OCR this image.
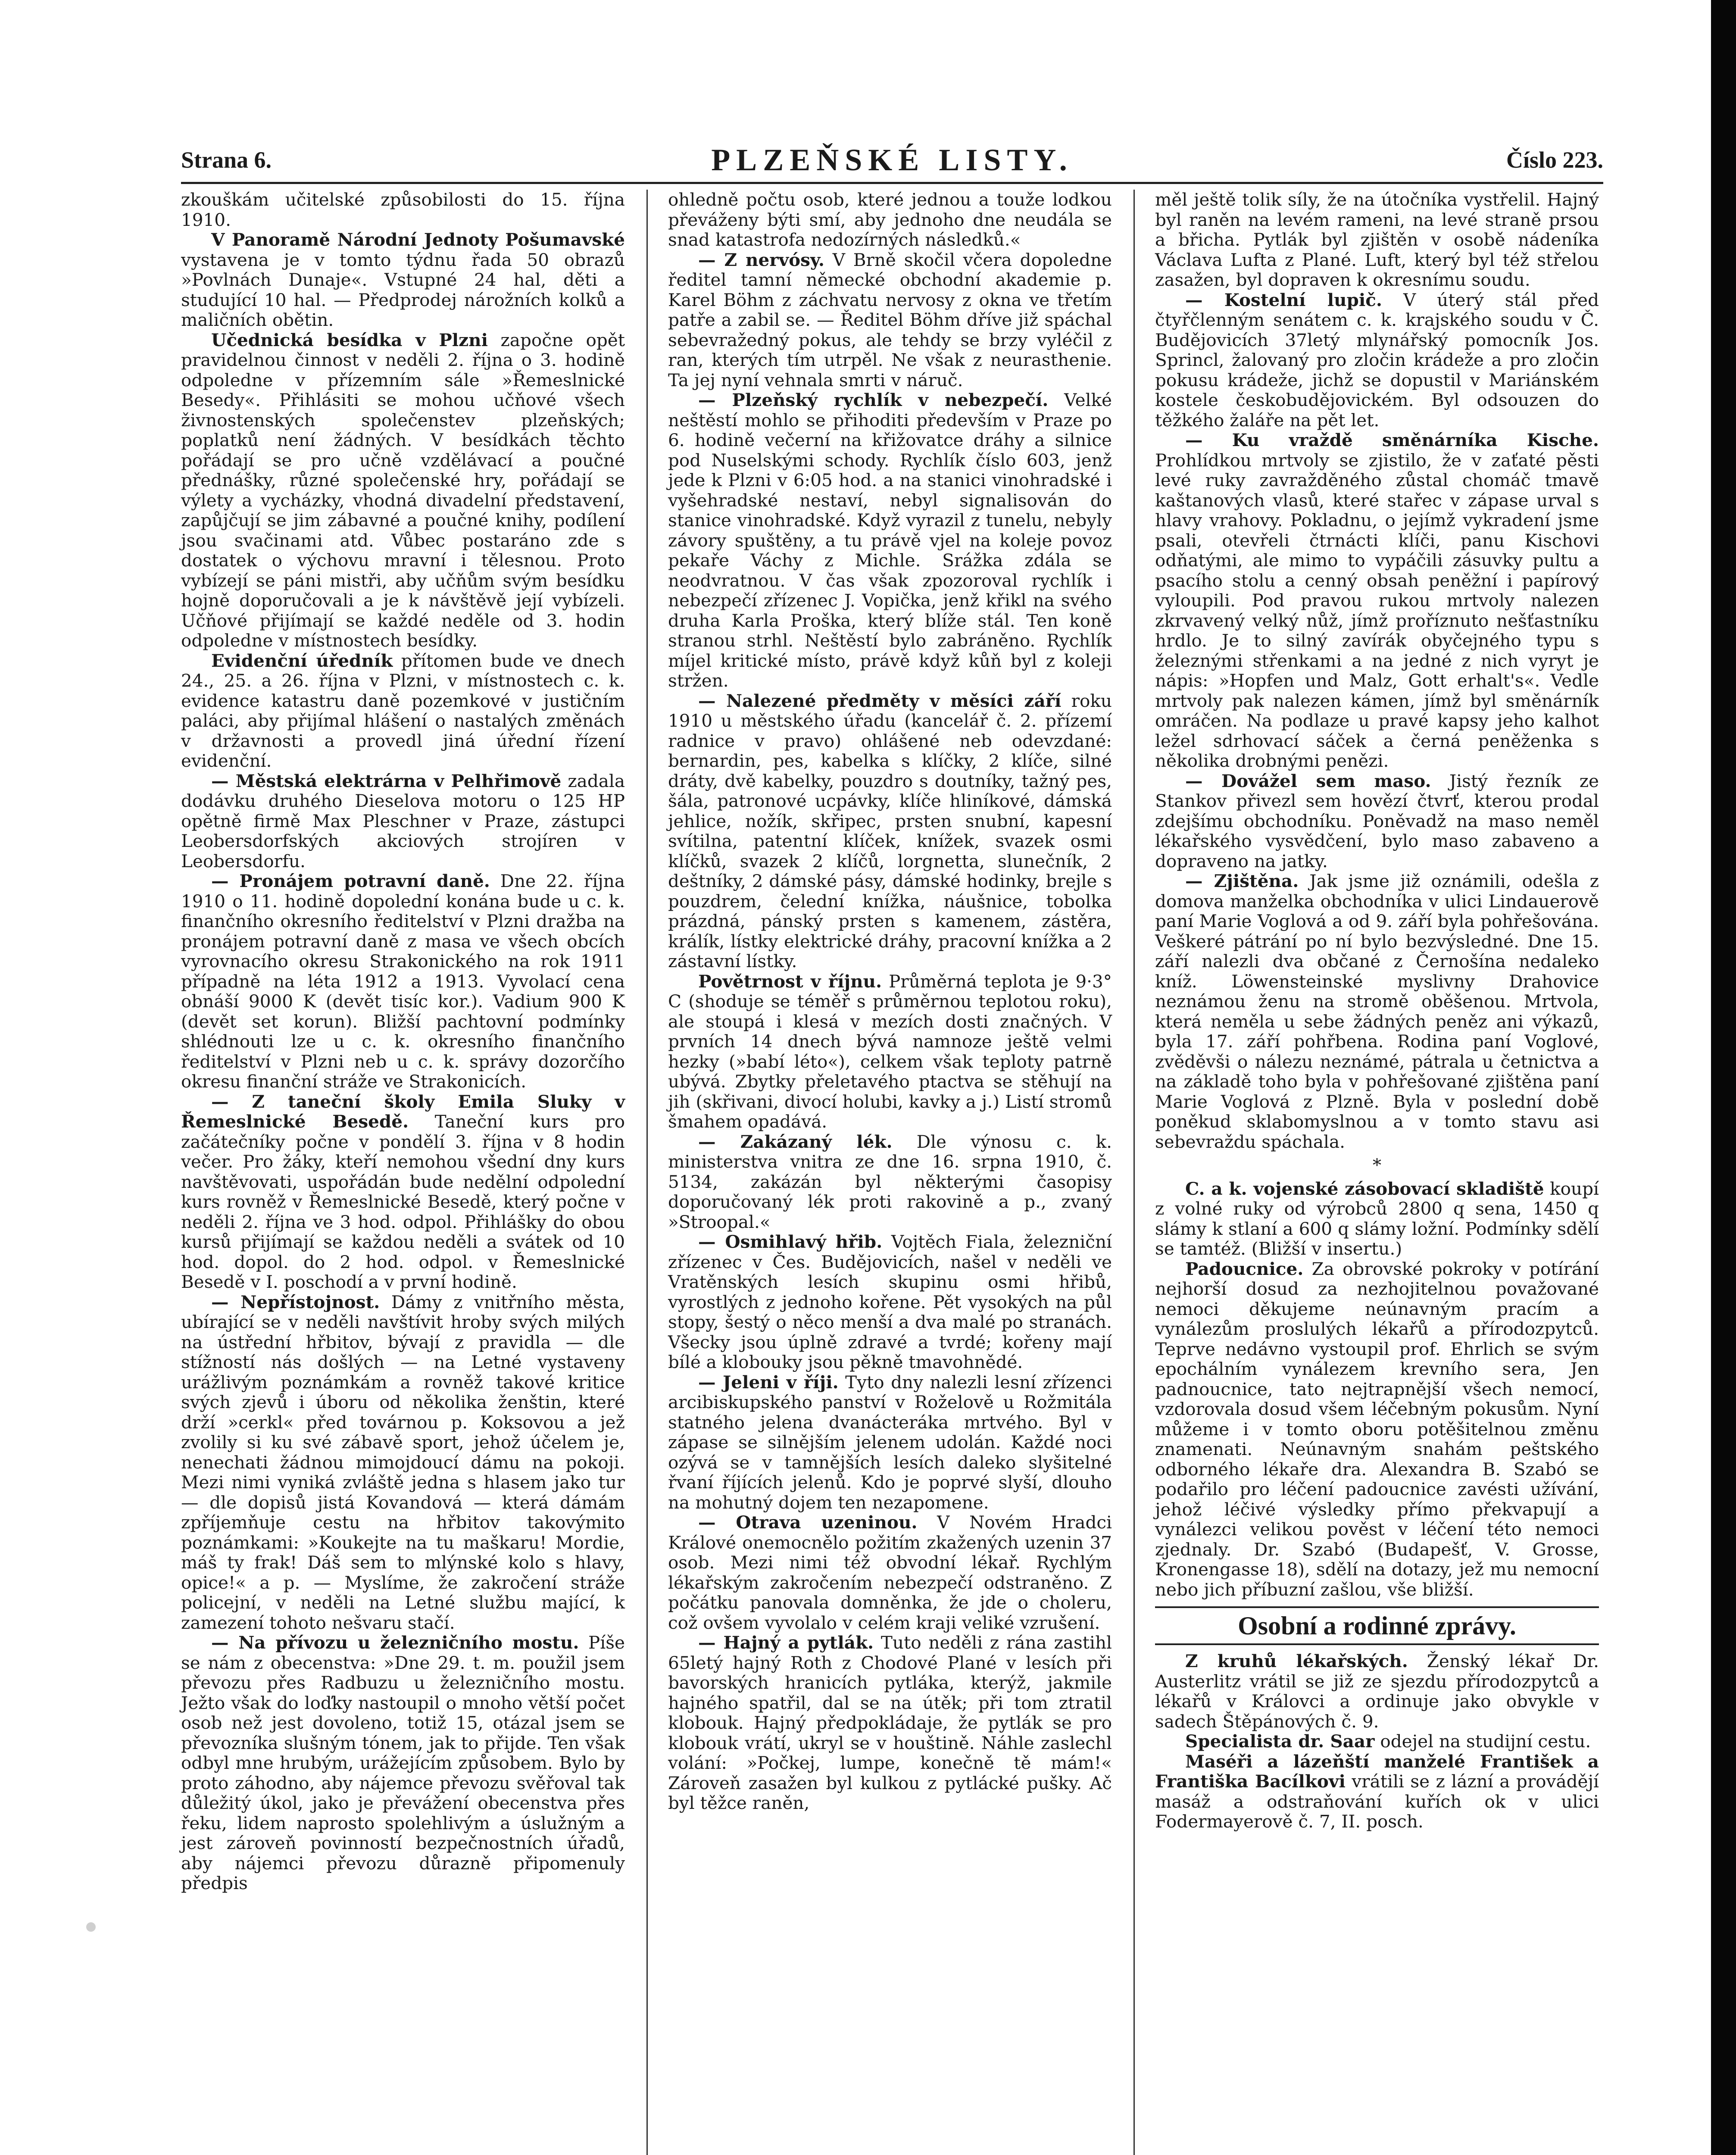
Strana 6.	PLZEŇSKÉ LISTY.	Číslo 223.

zkouškám učitelské způsobilosti do 15. října 1910.

V Panoramě Národní Jednoty Pošumavské vystavena je v tomto týdnu řada 50 obrazů »Povlnách Dunaje«. Vstupné 24 hal, děti a studující 10 hal. — Předprodej nárožních kolků a maličních obětin.

Učednická besídka v Plzni započne opět pravidelnou činnost v neděli 2. října o 3. hodině odpoledne v přízemním sále »Řemeslnické Besedy«. Přihlásiti se mohou učňové všech živnostenských společenstev plzeňských; poplatků není žádných. V besídkách těchto pořádají se pro učně vzdělávací a poučné přednášky, různé společenské hry, pořádají se výlety a vycházky, vhodná divadelní představení, zapůjčují se jim zábavné a poučné knihy, podílení jsou svačinami atd. Vůbec postaráno zde s dostatek o výchovu mravní i tělesnou. Proto vybízejí se páni mistři, aby učňům svým besídku hojně doporučovali a je k návštěvě její vybízeli. Učňové přijímají se každé neděle od 3. hodin odpoledne v místnostech besídky.

Evidenční úředník přítomen bude ve dnech 24., 25. a 26. října v Plzni, v místnostech c. k. evidence katastru daně pozemkové v justičním paláci, aby přijímal hlášení o nastalých změnách v državnosti a provedl jiná úřední řízení evidenční.

— Městská elektrárna v Pelhřimově zadala dodávku druhého Dieselova motoru o 125 HP opětně firmě Max Pleschner v Praze, zástupci Leobersdorfských akciových strojíren v Leobersdorfu.

— Pronájem potravní daně. Dne 22. října 1910 o 11. hodině dopolední konána bude u c. k. finančního okresního ředitelství v Plzni dražba na pronájem potravní daně z masa ve všech obcích vyrovnacího okresu Strakonického na rok 1911 případně na léta 1912 a 1913. Vyvolací cena obnáší 9000 K (devět tisíc kor.). Vadium 900 K (devět set korun). Bližší pachtovní podmínky shlédnouti lze u c. k. okresního finančního ředitelství v Plzni neb u c. k. správy dozorčího okresu finanční stráže ve Strakonicích.

— Z taneční školy Emila Sluky v Řemeslnické Besedě. Taneční kurs pro začátečníky počne v pondělí 3. října v 8 hodin večer. Pro žáky, kteří nemohou všední dny kurs navštěvovati, uspořádán bude nedělní odpolední kurs rovněž v Řemeslnické Besedě, který počne v neděli 2. října ve 3 hod. odpol. Přihlášky do obou kursů přijímají se každou neděli a svátek od 10 hod. dopol. do 2 hod. odpol. v Řemeslnické Besedě v I. poschodí a v první hodině.

— Nepřístojnost. Dámy z vnitřního města, ubírající se v neděli navštívit hroby svých milých na ústřední hřbitov, bývají z pravidla — dle stížností nás došlých — na Letné vystaveny urážlivým poznámkám a rovněž takové kritice svých zjevů i úboru od několika ženštin, které drží »cerkl« před továrnou p. Koksovou a jež zvolily si ku své zábavě sport, jehož účelem je, nenechati žádnou mimojdoucí dámu na pokoji. Mezi nimi vyniká zvláště jedna s hlasem jako tur — dle dopisů jistá Kovandová — která dámám zpříjemňuje cestu na hřbitov takovýmito poznámkami: »Koukejte na tu maškaru! Mordie, máš ty frak! Dáš sem to mlýnské kolo s hlavy, opice!« a p. — Myslíme, že zakročení stráže policejní, v neděli na Letné službu mající, k zamezení tohoto nešvaru stačí.

— Na přívozu u železničního mostu. Píše se nám z obecenstva: »Dne 29. t. m. použil jsem převozu přes Radbuzu u železničního mostu. Ježto však do loďky nastoupil o mnoho větší počet osob než jest dovoleno, totiž 15, otázal jsem se převozníka slušným tónem, jak to přijde. Ten však odbyl mne hrubým, urážejícím způsobem. Bylo by proto záhodno, aby nájemce převozu svěřoval tak důležitý úkol, jako je převážení obecenstva přes řeku, lidem naprosto spolehlivým a úslužným a jest zároveň povinností bezpečnostních úřadů, aby nájemci převozu důrazně připomenuly předpis

ohledně počtu osob, které jednou a touže lodkou převáženy býti smí, aby jednoho dne neudála se snad katastrofa nedozírných následků.«

— Z nervósy. V Brně skočil včera dopoledne ředitel tamní německé obchodní akademie p. Karel Böhm z záchvatu nervosy z okna ve třetím patře a zabil se. — Ředitel Böhm dříve již spáchal sebevražedný pokus, ale tehdy se brzy vyléčil z ran, kterých tím utrpěl. Ne však z neurasthenie. Ta jej nyní vehnala smrti v náruč.

— Plzeňský rychlík v nebezpečí. Velké neštěstí mohlo se přihoditi především v Praze po 6. hodině večerní na křižovatce dráhy a silnice pod Nuselskými schody. Rychlík číslo 603, jenž jede k Plzni v 6:05 hod. a na stanici vinohradské i vyšehradské nestaví, nebyl signalisován do stanice vinohradské. Když vyrazil z tunelu, nebyly závory spuštěny, a tu právě vjel na koleje povoz pekaře Váchy z Michle. Srážka zdála se neodvratnou. V čas však zpozoroval rychlík i nebezpečí zřízenec J. Vopička, jenž křikl na svého druha Karla Proška, který blíže stál. Ten koně stranou strhl. Neštěstí bylo zabráněno. Rychlík míjel kritické místo, právě když kůň byl z koleji stržen.

— Nalezené předměty v měsíci září roku 1910 u městského úřadu (kancelář č. 2. přízemí radnice v pravo) ohlášené neb odevzdané: bernardin, pes, kabelka s klíčky, 2 klíče, silné dráty, dvě kabelky, pouzdro s doutníky, tažný pes, šála, patronové ucpávky, klíče hliníkové, dámská jehlice, nožík, skřipec, prsten snubní, kapesní svítilna, patentní klíček, knížek, svazek osmi klíčků, svazek 2 klíčů, lorgnetta, slunečník, 2 deštníky, 2 dámské pásy, dámské hodinky, brejle s pouzdrem, čelední knížka, náušnice, tobolka prázdná, pánský prsten s kamenem, zástěra, králík, lístky elektrické dráhy, pracovní knížka a 2 zástavní lístky.

Povětrnost v říjnu. Průměrná teplota je 9·3° C (shoduje se téměř s průměrnou teplotou roku), ale stoupá i klesá v mezích dosti značných. V prvních 14 dnech bývá namnoze ještě velmi hezky (»babí léto«), celkem však teploty patrně ubývá. Zbytky přeletavého ptactva se stěhují na jih (skřivani, divocí holubi, kavky a j.) Listí stromů šmahem opadává.

— Zakázaný lék. Dle výnosu c. k. ministerstva vnitra ze dne 16. srpna 1910, č. 5134, zakázán byl některými časopisy doporučovaný lék proti rakovině a p., zvaný »Stroopal.«

— Osmihlavý hřib. Vojtěch Fiala, železniční zřízenec v Čes. Budějovicích, našel v neděli ve Vratěnských lesích skupinu osmi hřibů, vyrostlých z jednoho kořene. Pět vysokých na půl stopy, šestý o něco menší a dva malé po stranách. Všecky jsou úplně zdravé a tvrdé; kořeny mají bílé a klobouky jsou pěkně tmavohnědé.

— Jeleni v říji. Tyto dny nalezli lesní zřízenci arcibiskupského panství v Roželově u Rožmitála statného jelena dvanácteráka mrtvého. Byl v zápase se silnějším jelenem udolán. Každé noci ozývá se v tamnějších lesích daleko slyšitelné řvaní říjících jelenů. Kdo je poprvé slyší, dlouho na mohutný dojem ten nezapomene.

— Otrava uzeninou. V Novém Hradci Králové onemocnělo požitím zkažených uzenin 37 osob. Mezi nimi též obvodní lékař. Rychlým lékařským zakročením nebezpečí odstraněno. Z počátku panovala domněnka, že jde o choleru, což ovšem vyvolalo v celém kraji veliké vzrušení.

— Hajný a pytlák. Tuto neděli z rána zastihl 65letý hajný Roth z Chodové Plané v lesích při bavorských hranicích pytláka, kterýž, jakmile hajného spatřil, dal se na útěk; při tom ztratil klobouk. Hajný předpokládaje, že pytlák se pro klobouk vrátí, ukryl se v houštině. Náhle zaslechl volání: »Počkej, lumpe, konečně tě mám!« Zároveň zasažen byl kulkou z pytlácké pušky. Ač byl těžce raněn,

měl ještě tolik síly, že na útočníka vystřelil. Hajný byl raněn na levém rameni, na levé straně prsou a břicha. Pytlák byl zjištěn v osobě nádeníka Václava Lufta z Plané. Luft, který byl též střelou zasažen, byl dopraven k okresnímu soudu.

— Kostelní lupič. V úterý stál před čtyřčlenným senátem c. k. krajského soudu v Č. Budějovicích 37letý mlynářský pomocník Jos. Sprincl, žalovaný pro zločin krádeže a pro zločin pokusu krádeže, jichž se dopustil v Mariánském kostele českobudějovickém. Byl odsouzen do těžkého žaláře na pět let.

— Ku vraždě směnárníka Kische. Prohlídkou mrtvoly se zjistilo, že v zaťaté pěsti levé ruky zavražděného zůstal chomáč tmavě kaštanových vlasů, které stařec v zápase urval s hlavy vrahovy. Pokladnu, o jejímž vykradení jsme psali, otevřeli čtrnácti klíči, panu Kischovi odňatými, ale mimo to vypáčili zásuvky pultu a psacího stolu a cenný obsah peněžní i papírový vyloupili. Pod pravou rukou mrtvoly nalezen zkrvavený velký nůž, jímž proříznuto nešťastníku hrdlo. Je to silný zavírák obyčejného typu s železnými střenkami a na jedné z nich vyryt je nápis: »Hopfen und Malz, Gott erhalt's«. Vedle mrtvoly pak nalezen kámen, jímž byl směnárník omráčen. Na podlaze u pravé kapsy jeho kalhot ležel sdrhovací sáček a černá peněženka s několika drobnými penězi.

— Dovážel sem maso. Jistý řezník ze Stankov přivezl sem hovězí čtvrť, kterou prodal zdejšímu obchodníku. Poněvadž na maso neměl lékařského vysvědčení, bylo maso zabaveno a dopraveno na jatky.

— Zjištěna. Jak jsme již oznámili, odešla z domova manželka obchodníka v ulici Lindauerově paní Marie Voglová a od 9. září byla pohřešována. Veškeré pátrání po ní bylo bezvýsledné. Dne 15. září nalezli dva občané z Černošína nedaleko kníž. Löwensteinské myslivny Drahovice neznámou ženu na stromě oběšenou. Mrtvola, která neměla u sebe žádných peněz ani výkazů, byla 17. září pohřbena. Rodina paní Voglové, zvěděvši o nálezu neznámé, pátrala u četnictva a na základě toho byla v pohřešované zjištěna paní Marie Voglová z Plzně. Byla v poslední době poněkud sklabomyslnou a v tomto stavu asi sebevraždu spáchala.

*

C. a k. vojenské zásobovací skladiště koupí z volné ruky od výrobců 2800 q sena, 1450 q slámy k stlaní a 600 q slámy ložní. Podmínky sdělí se tamtéž. (Bližší v insertu.)

Padoucnice. Za obrovské pokroky v potírání nejhorší dosud za nezhojitelnou považované nemoci děkujeme neúnavným pracím a vynálezům proslulých lékařů a přírodozpytců. Teprve nedávno vystoupil prof. Ehrlich se svým epochálním vynálezem krevního sera, Jen padnoucnice, tato nejtrapnější všech nemocí, vzdorovala dosud všem léčebným pokusům. Nyní můžeme i v tomto oboru potěšitelnou změnu znamenati. Neúnavným snahám peštského odborného lékaře dra. Alexandra B. Szabó se podařilo pro léčení padoucnice zavésti užívání, jehož léčivé výsledky přímo překvapují a vynálezci velikou pověst v léčení této nemoci zjednaly. Dr. Szabó (Budapešť, V. Grosse, Kronengasse 18), sdělí na dotazy, jež mu nemocní nebo jich příbuzní zašlou, vše bližší.

Osobní a rodinné zprávy.

Z kruhů lékařských. Ženský lékař Dr. Austerlitz vrátil se již ze sjezdu přírodozpytců a lékařů v Královci a ordinuje jako obvykle v sadech Štěpánových č. 9.

Specialista dr. Saar odejel na studijní cestu.

Maséři a lázeňští manželé František a Františka Bacílkovi vrátili se z lázní a provádějí masáž a odstraňování kuřích ok v ulici Fodermayerově č. 7, II. posch.
